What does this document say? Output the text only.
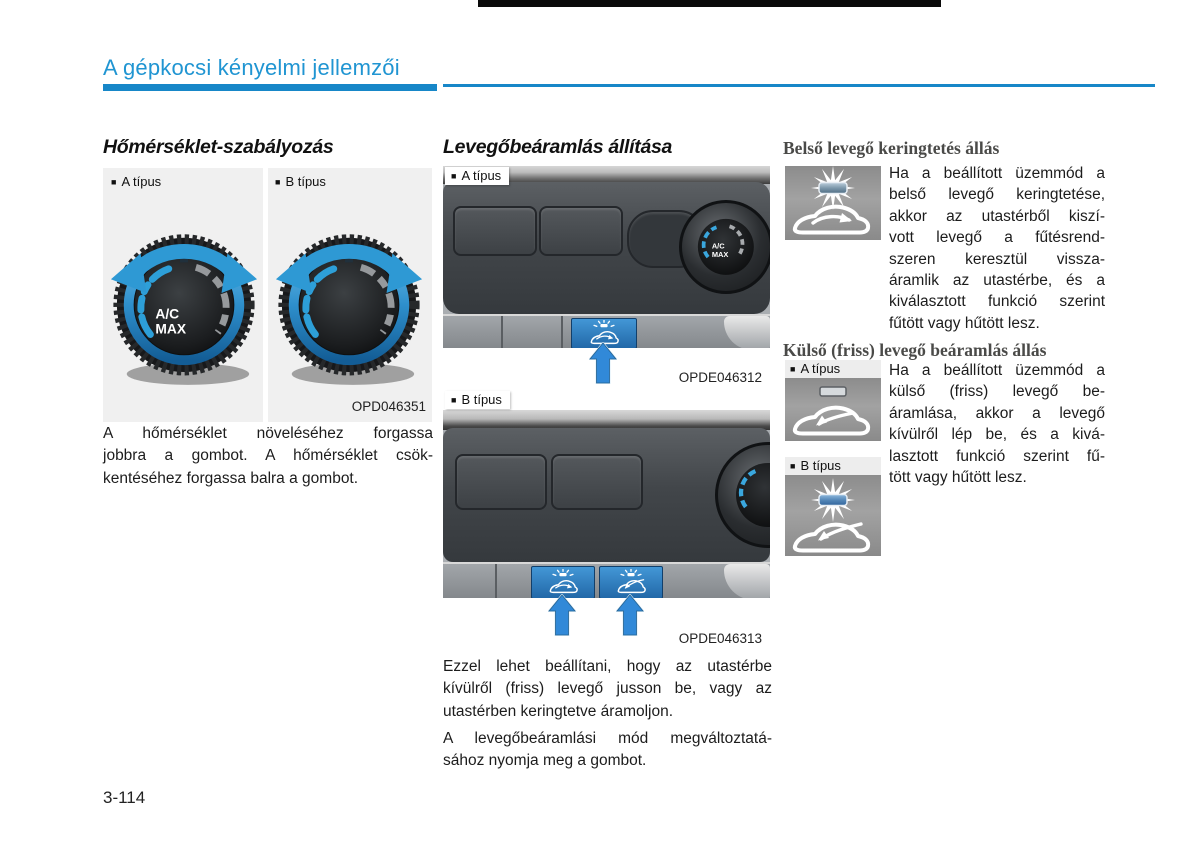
A gépkocsi kényelmi jellemzői
Hőmérséklet-szabályozás
■ A típus	■ B típus
A/C
MAX
OPD046351
A hőmérséklet növeléséhez forgassa
jobbra a gombot. A hőmérséklet csök-
kentéséhez forgassa balra a gombot.
Levegőbeáramlás állítása
A/C
MAX
OPDE046312
■ A típus
OPDE046313
■ B típus
Ezzel lehet beállítani, hogy az utastérbe
kívülről (friss) levegő jusson be, vagy az
utastérben keringtetve áramoljon.
A levegőbeáramlási mód megváltoztatá-
sához nyomja meg a gombot.
Belső levegő keringtetés állás
Ha a beállított üzemmód a
belső levegő keringtetése,
akkor az utastérből kiszí-
vott levegő a fűtésrend-
szeren keresztül vissza-
áramlik az utastérbe, és a
kiválasztott funkció szerint
fűtött vagy hűtött lesz.
Külső (friss) levegő beáramlás állás
■ A típus
■ B típus
Ha a beállított üzemmód a
külső (friss) levegő be-
áramlása, akkor a levegő
kívülről lép be, és a kivá-
lasztott funkció szerint fű-
tött vagy hűtött lesz.
3-114
